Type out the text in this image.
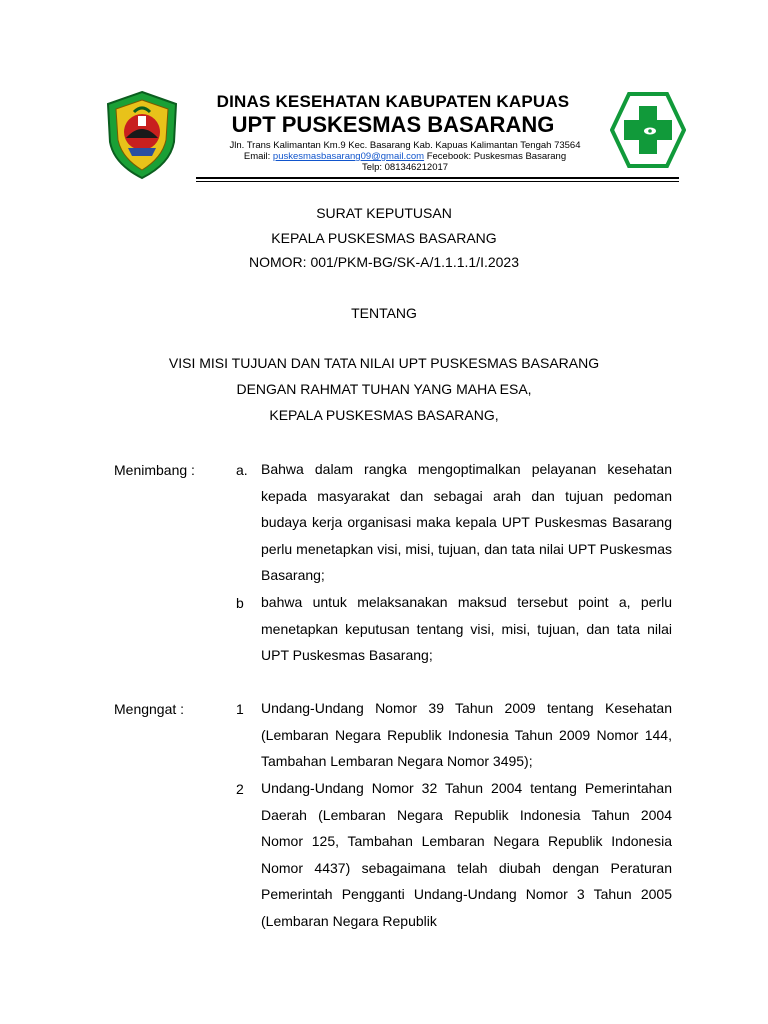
DINAS KESEHATAN KABUPATEN KAPUAS
UPT PUSKESMAS BASARANG
Jln. Trans Kalimantan Km.9 Kec. Basarang Kab. Kapuas Kalimantan Tengah 73564
Email: puskesmasbasarang09@gmail.com Fecebook: Puskesmas Basarang
Telp: 081346212017
SURAT KEPUTUSAN
KEPALA PUSKESMAS BASARANG
NOMOR: 001/PKM-BG/SK-A/1.1.1.1/I.2023
TENTANG
VISI MISI TUJUAN DAN TATA NILAI UPT PUSKESMAS BASARANG
DENGAN RAHMAT TUHAN YANG MAHA ESA,
KEPALA PUSKESMAS BASARANG,
Menimbang :	a. Bahwa dalam rangka mengoptimalkan pelayanan kesehatan kepada masyarakat dan sebagai arah dan tujuan pedoman budaya kerja organisasi maka kepala UPT Puskesmas Basarang perlu menetapkan visi, misi, tujuan, dan tata nilai UPT Puskesmas Basarang;
b bahwa untuk melaksanakan maksud tersebut point a, perlu menetapkan keputusan tentang visi, misi, tujuan, dan tata nilai UPT Puskesmas Basarang;
Mengngat :	1 Undang-Undang Nomor 39 Tahun 2009 tentang Kesehatan (Lembaran Negara Republik Indonesia Tahun 2009 Nomor 144, Tambahan Lembaran Negara Nomor 3495);
2 Undang-Undang Nomor 32 Tahun 2004 tentang Pemerintahan Daerah (Lembaran Negara Republik Indonesia Tahun 2004 Nomor 125, Tambahan Lembaran Negara Republik Indonesia Nomor 4437) sebagaimana telah diubah dengan Peraturan Pemerintah Pengganti Undang-Undang Nomor 3 Tahun 2005 (Lembaran Negara Republik
